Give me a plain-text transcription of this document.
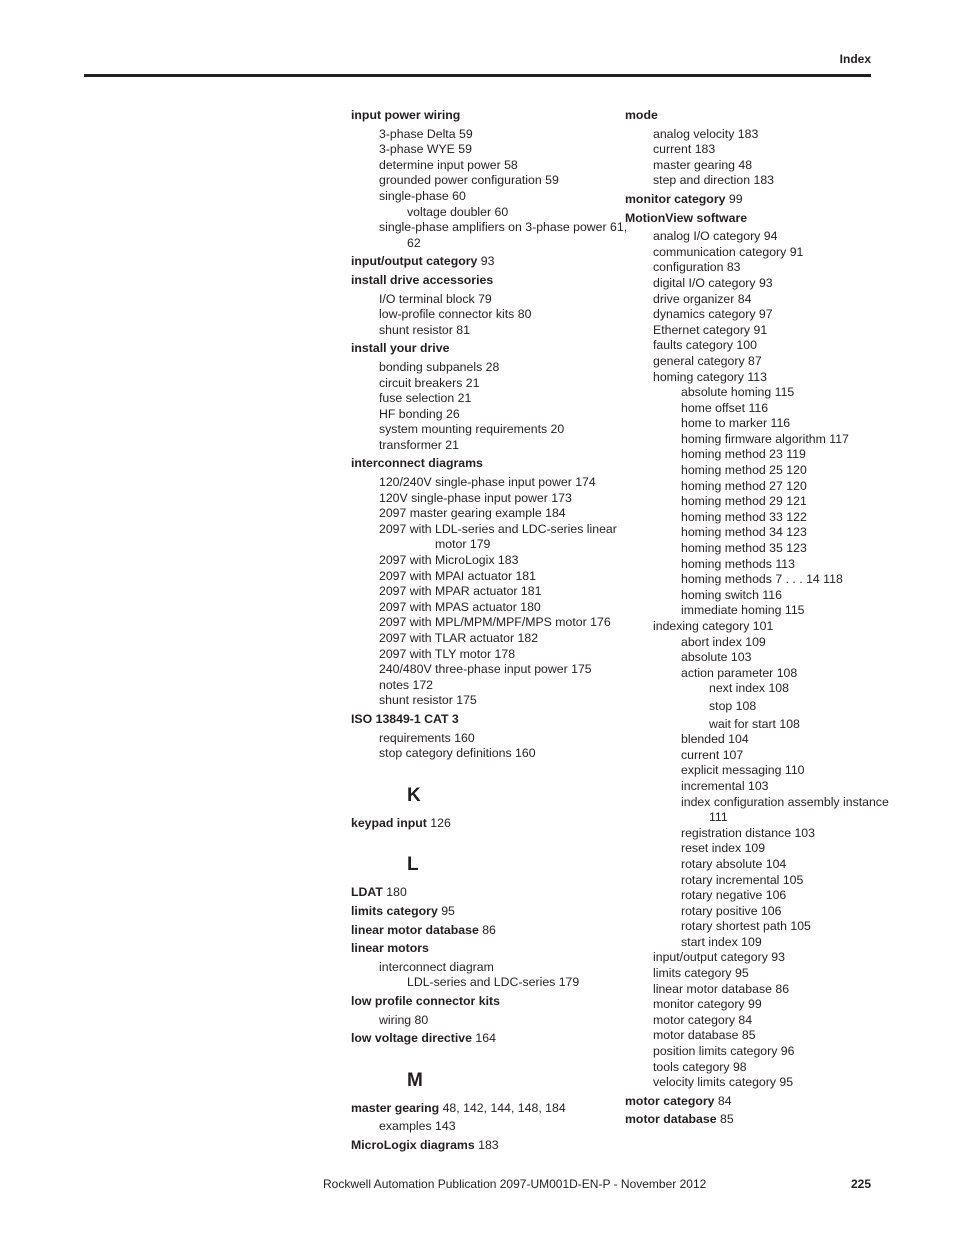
Index
input power wiring
3-phase Delta 59
3-phase WYE 59
determine input power 58
grounded power configuration 59
single-phase 60
voltage doubler 60
single-phase amplifiers on 3-phase power 61,
62
input/output category 93
install drive accessories
I/O terminal block 79
low-profile connector kits 80
shunt resistor 81
install your drive
bonding subpanels 28
circuit breakers 21
fuse selection 21
HF bonding 26
system mounting requirements 20
transformer 21
interconnect diagrams
120/240V single-phase input power 174
120V single-phase input power 173
2097 master gearing example 184
2097 with LDL-series and LDC-series linear
motor 179
2097 with MicroLogix 183
2097 with MPAI actuator 181
2097 with MPAR actuator 181
2097 with MPAS actuator 180
2097 with MPL/MPM/MPF/MPS motor 176
2097 with TLAR actuator 182
2097 with TLY motor 178
240/480V three-phase input power 175
notes 172
shunt resistor 175
ISO 13849-1 CAT 3
requirements 160
stop category definitions 160
K
keypad input 126
L
LDAT 180
limits category 95
linear motor database 86
linear motors
interconnect diagram
LDL-series and LDC-series 179
low profile connector kits
wiring 80
low voltage directive 164
M
master gearing 48, 142, 144, 148, 184
examples 143
MicroLogix diagrams 183
mode
analog velocity 183
current 183
master gearing 48
step and direction 183
monitor category 99
MotionView software
analog I/O category 94
communication category 91
configuration 83
digital I/O category 93
drive organizer 84
dynamics category 97
Ethernet category 91
faults category 100
general category 87
homing category 113
absolute homing 115
home offset 116
home to marker 116
homing firmware algorithm 117
homing method 23 119
homing method 25 120
homing method 27 120
homing method 29 121
homing method 33 122
homing method 34 123
homing method 35 123
homing methods 113
homing methods 7 . . . 14 118
homing switch 116
immediate homing 115
indexing category 101
abort index 109
absolute 103
action parameter 108
next index 108
stop 108
wait for start 108
blended 104
current 107
explicit messaging 110
incremental 103
index configuration assembly instance
111
registration distance 103
reset index 109
rotary absolute 104
rotary incremental 105
rotary negative 106
rotary positive 106
rotary shortest path 105
start index 109
input/output category 93
limits category 95
linear motor database 86
monitor category 99
motor category 84
motor database 85
position limits category 96
tools category 98
velocity limits category 95
motor category 84
motor database 85
Rockwell Automation Publication 2097-UM001D-EN-P - November 2012	225
